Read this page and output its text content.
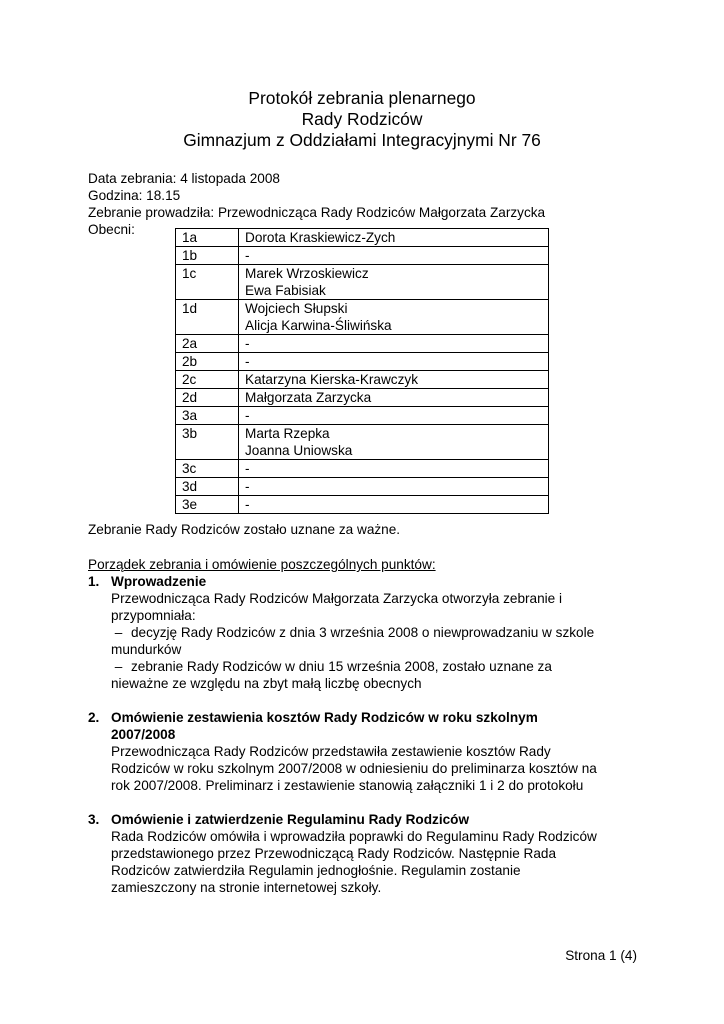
Protokół zebrania plenarnego
Rady Rodziców
Gimnazjum z Oddziałami Integracyjnymi Nr 76
Data zebrania: 4 listopada 2008
Godzina: 18.15
Zebranie prowadziła: Przewodnicząca Rady Rodziców Małgorzata Zarzycka
Obecni:
1a	Dorota Kraskiewicz-Zych

1b	-

1c	Marek Wrzoskiewicz
Ewa Fabisiak

1d	Wojciech Słupski
Alicja Karwina-Śliwińska

2a	-

2b	-

2c	Katarzyna Kierska-Krawczyk

2d	Małgorzata Zarzycka

3a	-

3b	Marta Rzepka
Joanna Uniowska

3c	-

3d	-

3e	-
Zebranie Rady Rodziców zostało uznane za ważne.
Porządek zebrania i omówienie poszczególnych punktów:
1. Wprowadzenie
Przewodnicząca Rady Rodziców Małgorzata Zarzycka otworzyła zebranie i
przypomniała:
– decyzję Rady Rodziców z dnia 3 września 2008 o niewprowadzaniu w szkole
mundurków
– zebranie Rady Rodziców w dniu 15 września 2008, zostało uznane za
nieważne ze względu na zbyt małą liczbę obecnych
2. Omówienie zestawienia kosztów Rady Rodziców w roku szkolnym
2007/2008
Przewodnicząca Rady Rodziców przedstawiła zestawienie kosztów Rady
Rodziców w roku szkolnym 2007/2008 w odniesieniu do preliminarza kosztów na
rok 2007/2008. Preliminarz i zestawienie stanowią załączniki 1 i 2 do protokołu
3. Omówienie i zatwierdzenie Regulaminu Rady Rodziców
Rada Rodziców omówiła i wprowadziła poprawki do Regulaminu Rady Rodziców
przedstawionego przez Przewodniczącą Rady Rodziców. Następnie Rada
Rodziców zatwierdziła Regulamin jednogłośnie. Regulamin zostanie
zamieszczony na stronie internetowej szkoły.
Strona 1 (4)
